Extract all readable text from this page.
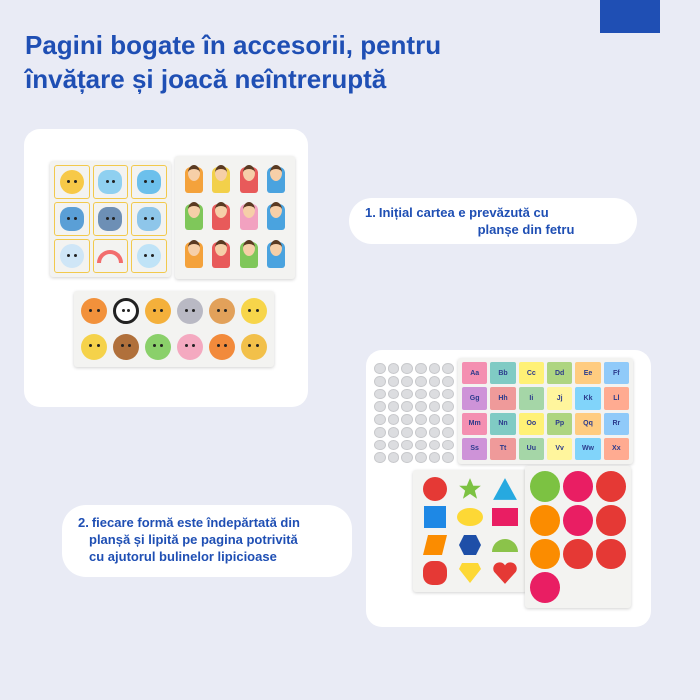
Pagini bogate în accesorii, pentru
învățare și joacă neîntreruptă
1. Inițial cartea e prevăzută cu
planșe din fetru
Aa	Bb	Cc	Dd	Ee	Ff
Gg	Hh	Ii	Jj	Kk	Ll
Mm	Nn	Oo	Pp	Qq	Rr
Ss	Tt	Uu	Vv	Ww	Xx
2. fiecare formă este îndepărtată din
planșă și lipită pe pagina potrivită
cu ajutorul bulinelor lipicioase
